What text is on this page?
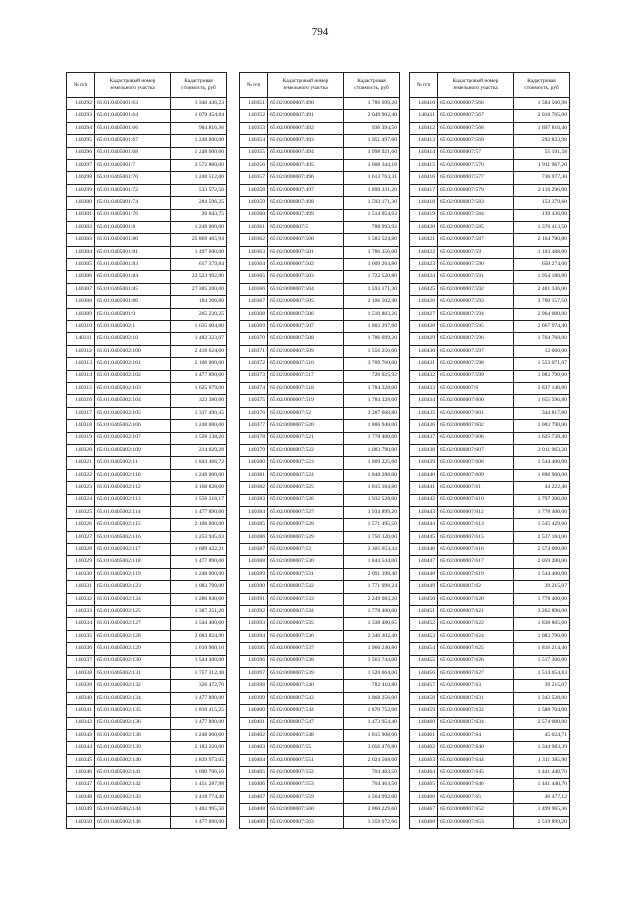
794
№ п/п	Кадастровый номер земельного участка	Кадастровая стоимость, руб
140292	65:01:0405001:63	1 340 446,23
140293	65:01:0405001:64	1 079 454,84
140294	65:01:0405001:66	984 816,36
140295	65:01:0405001:67	1 248 000,00
140296	65:01:0405001:68	1 248 000,00
140297	65:01:0405001:7	3 572 800,00
140298	65:01:0405001:70	1 240 512,00
140299	65:01:0405001:72	533 572,56
140300	65:01:0405001:74	284 596,25
140301	65:01:0405001:76	20 043,75
140302	65:01:0405001:8	1 248 000,00
140303	65:01:0405001:80	25 869 465,94
140304	65:01:0405001:81	1 497 600,00
140305	65:01:0405001:83	617 379,84
140306	65:01:0405001:84	23 523 992,80
140307	65:01:0405001:85	27 305 200,00
140308	65:01:0405001:86	184 206,80
140309	65:01:0405001:9	265 230,25
140310	65:01:0405002:1	1 635 004,80
140311	65:01:0405002:10	1 482 323,67
140312	65:01:0405002:100	2 418 624,00
140313	65:01:0405002:101	2 106 000,00
140314	65:01:0405002:102	1 477 890,00
140315	65:01:0405002:103	1 625 679,00
140316	65:01:0405002:104	323 380,00
140317	65:01:0405002:105	1 337 490,45
140318	65:01:0405002:106	1 248 000,00
140319	65:01:0405002:107	1 528 138,26
140320	65:01:0405002:109	214 029,28
140321	65:01:0405002:11	1 844 466,72
140322	65:01:0405002:110	1 248 000,00
140323	65:01:0405002:112	3 168 828,00
140324	65:01:0405002:113	1 556 218,17
140325	65:01:0405002:114	1 477 890,00
140326	65:01:0405002:115	2 106 000,00
140327	65:01:0405002:116	1 253 945,03
140328	65:01:0405002:117	1 609 422,21
140329	65:01:0405002:118	1 477 890,00
140330	65:01:0405002:119	1 248 000,00
140331	65:01:0405002:123	1 083 790,00
140332	65:01:0405002:124	1 280 840,00
140333	65:01:0405002:125	1 387 251,20
140334	65:01:0405002:127	1 544 400,00
140335	65:01:0405002:128	2 083 824,90
140336	65:01:0405002:129	1 610 900,10
140337	65:01:0405002:130	1 544 400,00
140338	65:01:0405002:131	1 757 312,48
140339	65:01:0405002:132	326 472,70
140340	65:01:0405002:134	1 477 890,00
140341	65:01:0405002:135	1 810 415,25
140342	65:01:0405002:136	1 477 890,00
140343	65:01:0405002:138	1 248 000,00
140344	65:01:0405002:139	2 183 220,00
140345	65:01:0405002:140	1 839 973,05
140346	65:01:0405002:141	1 690 706,16
140347	65:01:0405002:142	1 451 287,98
140348	65:01:0405002:143	1 418 774,40
140349	65:01:0405002:144	1 403 995,50
140350	65:01:0405002:146	1 477 890,00
№ п/п	Кадастровый номер земельного участка	Кадастровая стоимость, руб
140351	65:02:0000007:490	1 786 699,20
140352	65:02:0000007:491	2 049 902,40
140353	65:02:0000007:492	936 394,56
140354	65:02:0000007:493	1 951 497,60
140355	65:02:0000007:494	1 998 921,60
140356	65:02:0000007:495	1 608 344,16
140357	65:02:0000007:496	1 613 763,31
140358	65:02:0000007:497	1 899 331,20
140359	65:02:0000007:498	1 593 171,30
140360	65:02:0000007:499	1 514 054,63
140361	65:02:0000007:5	788 993,92
140362	65:02:0000007:500	1 583 524,80
140363	65:02:0000007:501	1 786 356,00
140364	65:02:0000007:502	1 609 264,80
140365	65:02:0000007:503	1 722 520,80
140366	65:02:0000007:504	1 593 171,30
140367	65:02:0000007:505	2 106 502,40
140368	65:02:0000007:506	1 510 803,26
140369	65:02:0000007:507	1 803 297,60
140370	65:02:0000007:508	1 786 699,20
140371	65:02:0000007:509	1 556 256,00
140372	65:02:0000007:510	3 709 760,00
140373	65:02:0000007:517	720 025,92
140374	65:02:0000007:518	1 784 328,00
140375	65:02:0000007:519	1 784 328,00
140376	65:02:0000007:52	3 287 668,80
140377	65:02:0000007:520	1 806 948,00
140378	65:02:0000007:521	1 778 400,00
140379	65:02:0000007:522	1 083 790,00
140380	65:02:0000007:523	1 809 225,60
140381	65:02:0000007:524	1 848 288,00
140382	65:02:0000007:525	1 815 184,80
140383	65:02:0000007:526	1 932 528,00
140384	65:02:0000007:527	1 934 899,20
140385	65:02:0000007:528	1 571 495,50
140386	65:02:0000007:529	1 750 320,00
140387	65:02:0000007:53	3 305 053,44
140388	65:02:0000007:530	1 844 544,00
140389	65:02:0000007:531	2 091 398,40
140390	65:02:0000007:532	1 771 098,24
140391	65:02:0000007:533	2 249 083,20
140392	65:02:0000007:534	1 778 400,00
140393	65:02:0000007:535	1 338 480,65
140394	65:02:0000007:536	2 346 302,40
140395	65:02:0000007:537	1 966 240,80
140396	65:02:0000007:538	1 563 744,00
140397	65:02:0000007:539	1 520 064,00
140398	65:02:0000007:540	782 410,80
140399	65:02:0000007:543	1 868 256,00
140400	65:02:0000007:544	1 870 752,00
140401	65:02:0000007:547	1 473 954,40
140402	65:02:0000007:548	1 815 908,00
140403	65:02:0000007:55	3 056 476,80
140404	65:02:0000007:551	2 024 568,00
140405	65:02:0000007:552	704 463,50
140406	65:02:0000007:553	704 463,50
140407	65:02:0000007:559	1 564 992,00
140408	65:02:0000007:560	2 060 229,60
140409	65:02:0000007:563	1 359 072,66
№ п/п	Кадастровый номер земельного участка	Кадастровая стоимость, руб
140410	65:02:0000007:566	1 584 500,98
140411	65:02:0000007:567	2 016 705,60
140412	65:02:0000007:568	1 697 810,40
140413	65:02:0000007:569	292 823,98
140414	65:02:0000007:57	55 191,58
140415	65:02:0000007:570	1 911 967,20
140416	65:02:0000007:577	736 977,30
140417	65:02:0000007:579	2 116 296,00
140418	65:02:0000007:583	153 379,60
140419	65:02:0000007:584	139 436,00
140420	65:02:0000007:585	1 376 413,50
140421	65:02:0000007:587	2 164 780,80
140422	65:02:0000007:59	1 103 488,00
140423	65:02:0000007:590	650 274,00
140424	65:02:0000007:591	1 954 180,80
140425	65:02:0000007:592	2 481 336,00
140426	65:02:0000007:593	3 780 157,50
140427	65:02:0000007:594	2 964 000,00
140428	65:02:0000007:595	2 667 974,40
140429	65:02:0000007:596	1 764 768,00
140430	65:02:0000007:597	12 000,00
140431	65:02:0000007:598	1 553 071,07
140432	65:02:0000007:599	1 083 790,00
140433	65:02:0000007:6	2 837 140,80
140434	65:02:0000007:600	1 655 596,80
140435	65:02:0000007:601	344 817,80
140436	65:02:0000007:602	1 083 790,00
140437	65:02:0000007:606	1 625 738,40
140438	65:02:0000007:607	2 011 963,20
140439	65:02:0000007:608	1 544 400,00
140440	65:02:0000007:609	1 896 960,00
140441	65:02:0000007:61	44 222,40
140442	65:02:0000007:610	1 797 306,08
140443	65:02:0000007:612	1 778 400,00
140444	65:02:0000007:613	1 545 429,60
140445	65:02:0000007:615	2 537 184,00
140446	65:02:0000007:616	2 574 000,00
140447	65:02:0000007:617	2 059 200,00
140448	65:02:0000007:619	1 544 400,00
140449	65:02:0000007:62	39 215,07
140450	65:02:0000007:620	1 778 400,00
140451	65:02:0000007:621	3 262 896,00
140452	65:02:0000007:622	1 838 865,60
140453	65:02:0000007:624	1 083 790,00
140454	65:02:0000007:625	1 816 214,40
140455	65:02:0000007:626	1 517 306,00
140456	65:02:0000007:627	1 514 054,63
140457	65:02:0000007:63	39 215,07
140458	65:02:0000007:631	1 342 528,00
140459	65:02:0000007:632	1 588 704,00
140460	65:02:0000007:634	2 574 000,00
140461	65:02:0000007:64	45 024,71
140462	65:02:0000007:640	1 344 983,39
140463	65:02:0000007:644	1 311 385,90
140464	65:02:0000007:645	1 441 440,70
140465	65:02:0000007:646	1 441 440,70
140466	65:02:0000007:65	46 477,12
140467	65:02:0000007:652	1 499 965,36
140468	65:02:0000007:653	2 519 899,20
